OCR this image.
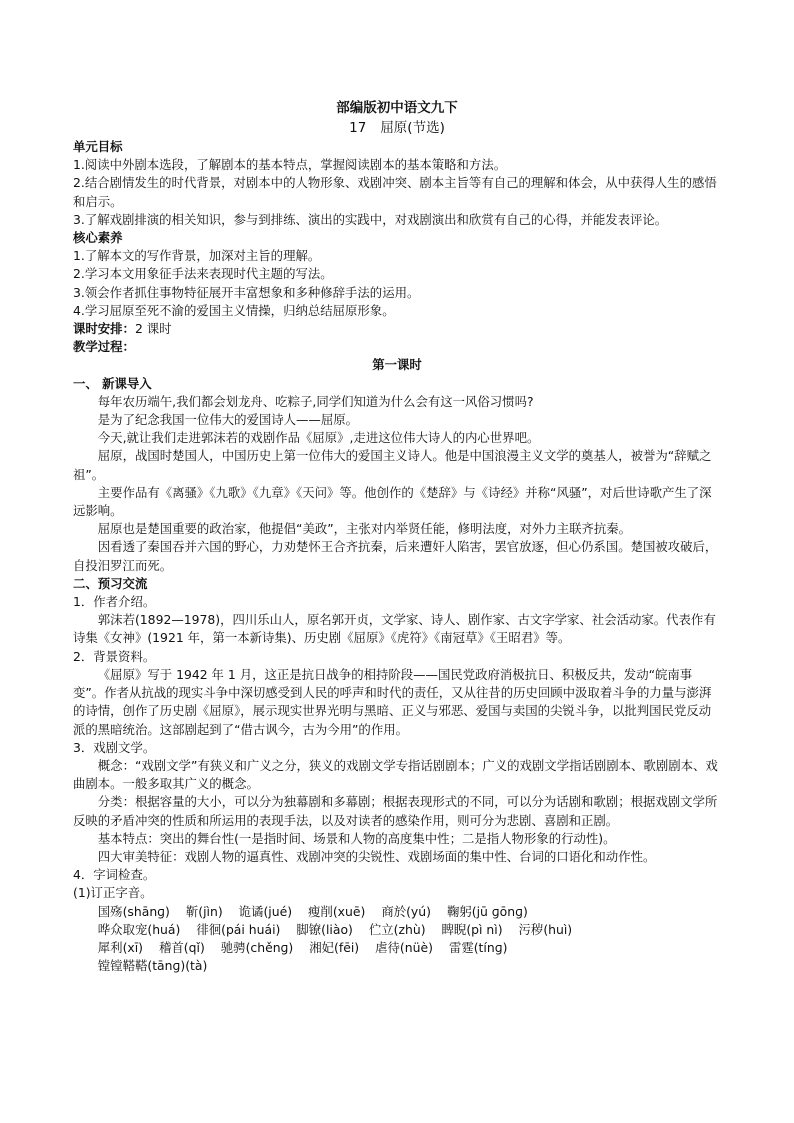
部编版初中语文九下
17 屈原(节选)

单元目标

1.阅读中外剧本选段，了解剧本的基本特点，掌握阅读剧本的基本策略和方法。

2.结合剧情发生的时代背景，对剧本中的人物形象、戏剧冲突、剧本主旨等有自己的理解和体会，从中获得人生的感悟和启示。

3.了解戏剧排演的相关知识，参与到排练、演出的实践中，对戏剧演出和欣赏有自己的心得，并能发表评论。

核心素养

1.了解本文的写作背景，加深对主旨的理解。

2.学习本文用象征手法来表现时代主题的写法。

3.领会作者抓住事物特征展开丰富想象和多种修辞手法的运用。

4.学习屈原至死不渝的爱国主义情操，归纳总结屈原形象。

课时安排：2 课时

教学过程：

第一课时

一、 新课导入

每年农历端午,我们都会划龙舟、吃粽子,同学们知道为什么会有这一风俗习惯吗?

是为了纪念我国一位伟大的爱国诗人——屈原。

今天,就让我们走进郭沫若的戏剧作品《屈原》,走进这位伟大诗人的内心世界吧。

屈原，战国时楚国人，中国历史上第一位伟大的爱国主义诗人。他是中国浪漫主义文学的奠基人，被誉为“辞赋之祖”。

主要作品有《离骚》《九歌》《九章》《天问》等。他创作的《楚辞》与《诗经》并称“风骚”，对后世诗歌产生了深远影响。

屈原也是楚国重要的政治家，他提倡“美政”，主张对内举贤任能，修明法度，对外力主联齐抗秦。

因看透了秦国吞并六国的野心，力劝楚怀王合齐抗秦，后来遭奸人陷害，罢官放逐，但心仍系国。楚国被攻破后，自投汨罗江而死。

二、预习交流

1．作者介绍。

郭沫若(1892—1978)，四川乐山人，原名郭开贞，文学家、诗人、剧作家、古文字学家、社会活动家。代表作有诗集《女神》(1921 年，第一本新诗集)、历史剧《屈原》《虎符》《南冠草》《王昭君》等。

2．背景资料。

《屈原》写于 1942 年 1 月，这正是抗日战争的相持阶段——国民党政府消极抗日、积极反共，发动“皖南事变”。作者从抗战的现实斗争中深切感受到人民的呼声和时代的责任，又从往昔的历史回顾中汲取着斗争的力量与澎湃的诗情，创作了历史剧《屈原》，展示现实世界光明与黑暗、正义与邪恶、爱国与卖国的尖锐斗争，以批判国民党反动派的黑暗统治。这部剧起到了“借古讽今，古为今用”的作用。

3．戏剧文学。

概念：“戏剧文学”有狭义和广义之分，狭义的戏剧文学专指话剧剧本；广义的戏剧文学指话剧剧本、歌剧剧本、戏曲剧本。一般多取其广义的概念。

分类：根据容量的大小，可以分为独幕剧和多幕剧；根据表现形式的不同，可以分为话剧和歌剧；根据戏剧文学所反映的矛盾冲突的性质和所运用的表现手法，以及对读者的感染作用，则可分为悲剧、喜剧和正剧。

基本特点：突出的舞台性(一是指时间、场景和人物的高度集中性；二是指人物形象的行动性)。

四大审美特征：戏剧人物的逼真性、戏剧冲突的尖锐性、戏剧场面的集中性、台词的口语化和动作性。

4．字词检查。

(1)订正字音。

国殇(shānɡ) 靳(jìn) 诡谲(jué) 瘦削(xuē) 商於(yú) 鞠躬(jū ɡōnɡ)
哗众取宠(huá) 徘徊(pái huái) 脚镣(liào) 伫立(zhù) 睥睨(pì nì) 污秽(huì)
犀利(xī) 稽首(qǐ) 驰骋(chěnɡ) 湘妃(fēi) 虐待(nüè) 雷霆(tínɡ)
镗镗鞳鞳(tānɡ)(tà)
